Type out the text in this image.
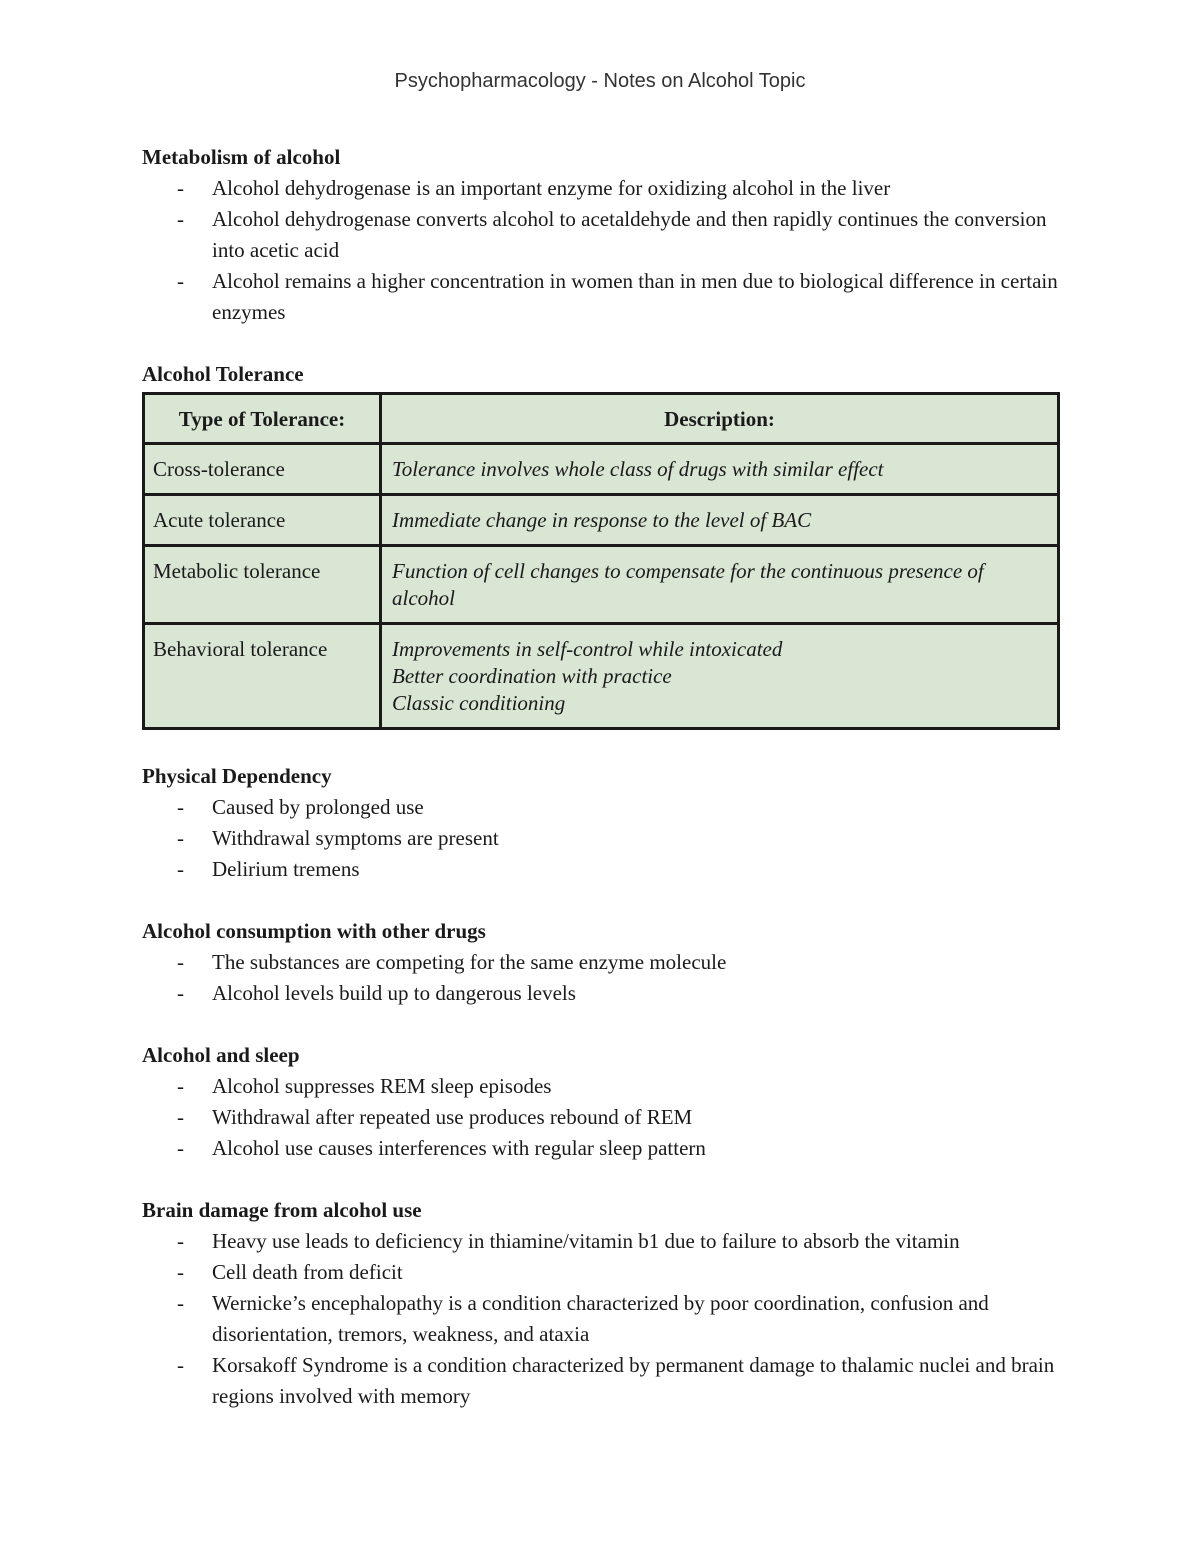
Psychopharmacology - Notes on Alcohol Topic
Metabolism of alcohol
- Alcohol dehydrogenase is an important enzyme for oxidizing alcohol in the liver
- Alcohol dehydrogenase converts alcohol to acetaldehyde and then rapidly continues the conversion into acetic acid
- Alcohol remains a higher concentration in women than in men due to biological difference in certain enzymes
Alcohol Tolerance
Type of Tolerance:	Description:
Cross-tolerance	Tolerance involves whole class of drugs with similar effect

Acute tolerance	Immediate change in response to the level of BAC

Metabolic tolerance	Function of cell changes to compensate for the continuous presence of alcohol

Behavioral tolerance	Improvements in self-control while intoxicated
Better coordination with practice
Classic conditioning
Physical Dependency
- Caused by prolonged use
- Withdrawal symptoms are present
- Delirium tremens
Alcohol consumption with other drugs
- The substances are competing for the same enzyme molecule
- Alcohol levels build up to dangerous levels
Alcohol and sleep
- Alcohol suppresses REM sleep episodes
- Withdrawal after repeated use produces rebound of REM
- Alcohol use causes interferences with regular sleep pattern
Brain damage from alcohol use
- Heavy use leads to deficiency in thiamine/vitamin b1 due to failure to absorb the vitamin
- Cell death from deficit
- Wernicke’s encephalopathy is a condition characterized by poor coordination, confusion and disorientation, tremors, weakness, and ataxia
- Korsakoff Syndrome is a condition characterized by permanent damage to thalamic nuclei and brain regions involved with memory
